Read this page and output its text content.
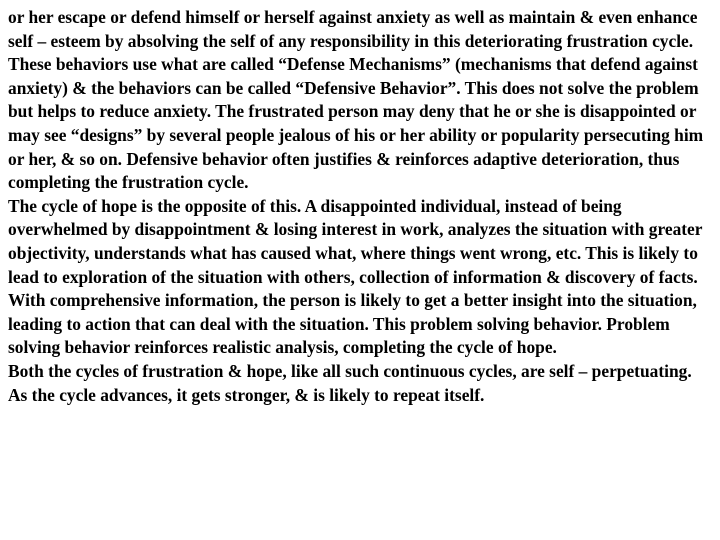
or her escape or defend himself or herself against anxiety as well as maintain & even enhance self – esteem by absolving the self of any responsibility in this deteriorating frustration cycle.

These behaviors use what are called “Defense Mechanisms” (mechanisms that defend against anxiety) & the behaviors can be called “Defensive Behavior”. This does not solve the problem but helps to reduce anxiety. The frustrated person may deny that he or she is disappointed or may see “designs” by several people jealous of his or her ability or popularity persecuting him or her, & so on. Defensive behavior often justifies & reinforces adaptive deterioration, thus completing the frustration cycle.

The cycle of hope is the opposite of this. A disappointed individual, instead of being overwhelmed by disappointment & losing interest in work, analyzes the situation with greater objectivity, understands what has caused what, where things went wrong, etc. This is likely to lead to exploration of the situation with others, collection of information & discovery of facts. With comprehensive information, the person is likely to get a better insight into the situation, leading to action that can deal with the situation. This problem solving behavior. Problem solving behavior reinforces realistic analysis, completing the cycle of hope.

Both the cycles of frustration & hope, like all such continuous cycles, are self – perpetuating. As the cycle advances, it gets stronger, & is likely to repeat itself.
